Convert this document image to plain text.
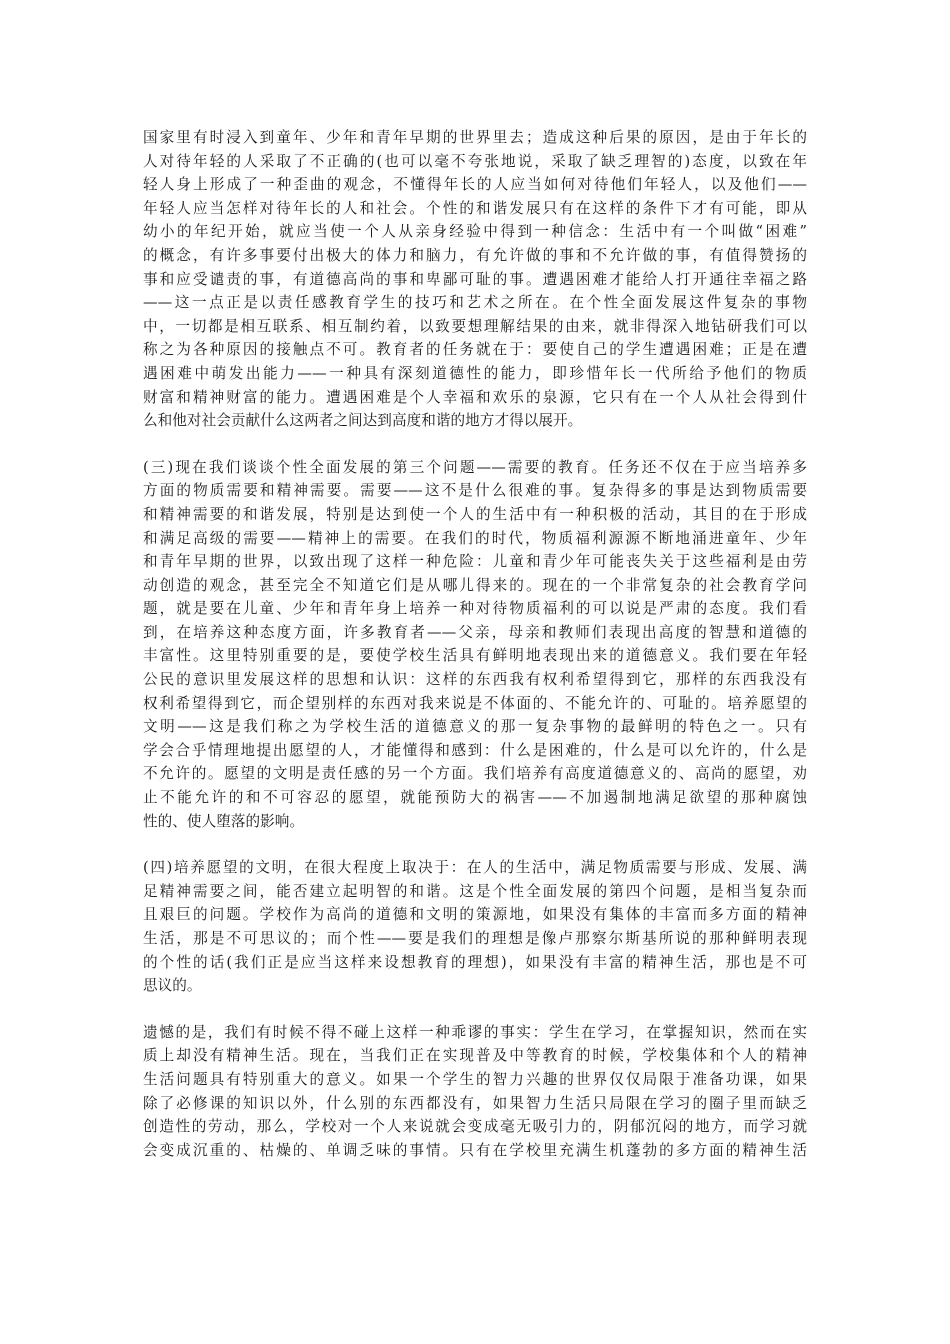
国家里有时浸入到童年、少年和青年早期的世界里去；造成这种后果的原因，是由于年长的
人对待年轻的人采取了不正确的(也可以毫不夸张地说，采取了缺乏理智的)态度，以致在年
轻人身上形成了一种歪曲的观念，不懂得年长的人应当如何对待他们年轻人，以及他们——
年轻人应当怎样对待年长的人和社会。个性的和谐发展只有在这样的条件下才有可能，即从
幼小的年纪开始，就应当使一个人从亲身经验中得到一种信念：生活中有一个叫做“困难”
的概念，有许多事要付出极大的体力和脑力，有允许做的事和不允许做的事，有值得赞扬的
事和应受谴责的事，有道德高尚的事和卑鄙可耻的事。遭遇困难才能给人打开通往幸福之路
——这一点正是以责任感教育学生的技巧和艺术之所在。在个性全面发展这件复杂的事物
中，一切都是相互联系、相互制约着，以致要想理解结果的由来，就非得深入地钻研我们可以
称之为各种原因的接触点不可。教育者的任务就在于：要使自己的学生遭遇困难；正是在遭
遇困难中萌发出能力——一种具有深刻道德性的能力，即珍惜年长一代所给予他们的物质
财富和精神财富的能力。遭遇困难是个人幸福和欢乐的泉源，它只有在一个人从社会得到什
么和他对社会贡献什么这两者之间达到高度和谐的地方才得以展开。
(三)现在我们谈谈个性全面发展的第三个问题——需要的教育。任务还不仅在于应当培养多
方面的物质需要和精神需要。需要——这不是什么很难的事。复杂得多的事是达到物质需要
和精神需要的和谐发展，特别是达到使一个人的生活中有一种积极的活动，其目的在于形成
和满足高级的需要——精神上的需要。在我们的时代，物质福利源源不断地涌进童年、少年
和青年早期的世界，以致出现了这样一种危险：儿童和青少年可能丧失关于这些福利是由劳
动创造的观念，甚至完全不知道它们是从哪儿得来的。现在的一个非常复杂的社会教育学问
题，就是要在儿童、少年和青年身上培养一种对待物质福利的可以说是严肃的态度。我们看
到，在培养这种态度方面，许多教育者——父亲，母亲和教师们表现出高度的智慧和道德的
丰富性。这里特别重要的是，要使学校生活具有鲜明地表现出来的道德意义。我们要在年轻
公民的意识里发展这样的思想和认识：这样的东西我有权利希望得到它，那样的东西我没有
权利希望得到它，而企望别样的东西对我来说是不体面的、不能允许的、可耻的。培养愿望的
文明——这是我们称之为学校生活的道德意义的那一复杂事物的最鲜明的特色之一。只有
学会合乎情理地提出愿望的人，才能懂得和感到：什么是困难的，什么是可以允许的，什么是
不允许的。愿望的文明是责任感的另一个方面。我们培养有高度道德意义的、高尚的愿望，劝
止不能允许的和不可容忍的愿望，就能预防大的祸害——不加遏制地满足欲望的那种腐蚀
性的、使人堕落的影响。
(四)培养愿望的文明，在很大程度上取决于：在人的生活中，满足物质需要与形成、发展、满
足精神需要之间，能否建立起明智的和谐。这是个性全面发展的第四个问题，是相当复杂而
且艰巨的问题。学校作为高尚的道德和文明的策源地，如果没有集体的丰富而多方面的精神
生活，那是不可思议的；而个性——要是我们的理想是像卢那察尔斯基所说的那种鲜明表现
的个性的话(我们正是应当这样来设想教育的理想)，如果没有丰富的精神生活，那也是不可
思议的。
遗憾的是，我们有时候不得不碰上这样一种乖谬的事实：学生在学习，在掌握知识，然而在实
质上却没有精神生活。现在，当我们正在实现普及中等教育的时候，学校集体和个人的精神
生活问题具有特别重大的意义。如果一个学生的智力兴趣的世界仅仅局限于准备功课，如果
除了必修课的知识以外，什么别的东西都没有，如果智力生活只局限在学习的圈子里而缺乏
创造性的劳动，那么，学校对一个人来说就会变成毫无吸引力的，阴郁沉闷的地方，而学习就
会变成沉重的、枯燥的、单调乏味的事情。只有在学校里充满生机蓬勃的多方面的精神生活
